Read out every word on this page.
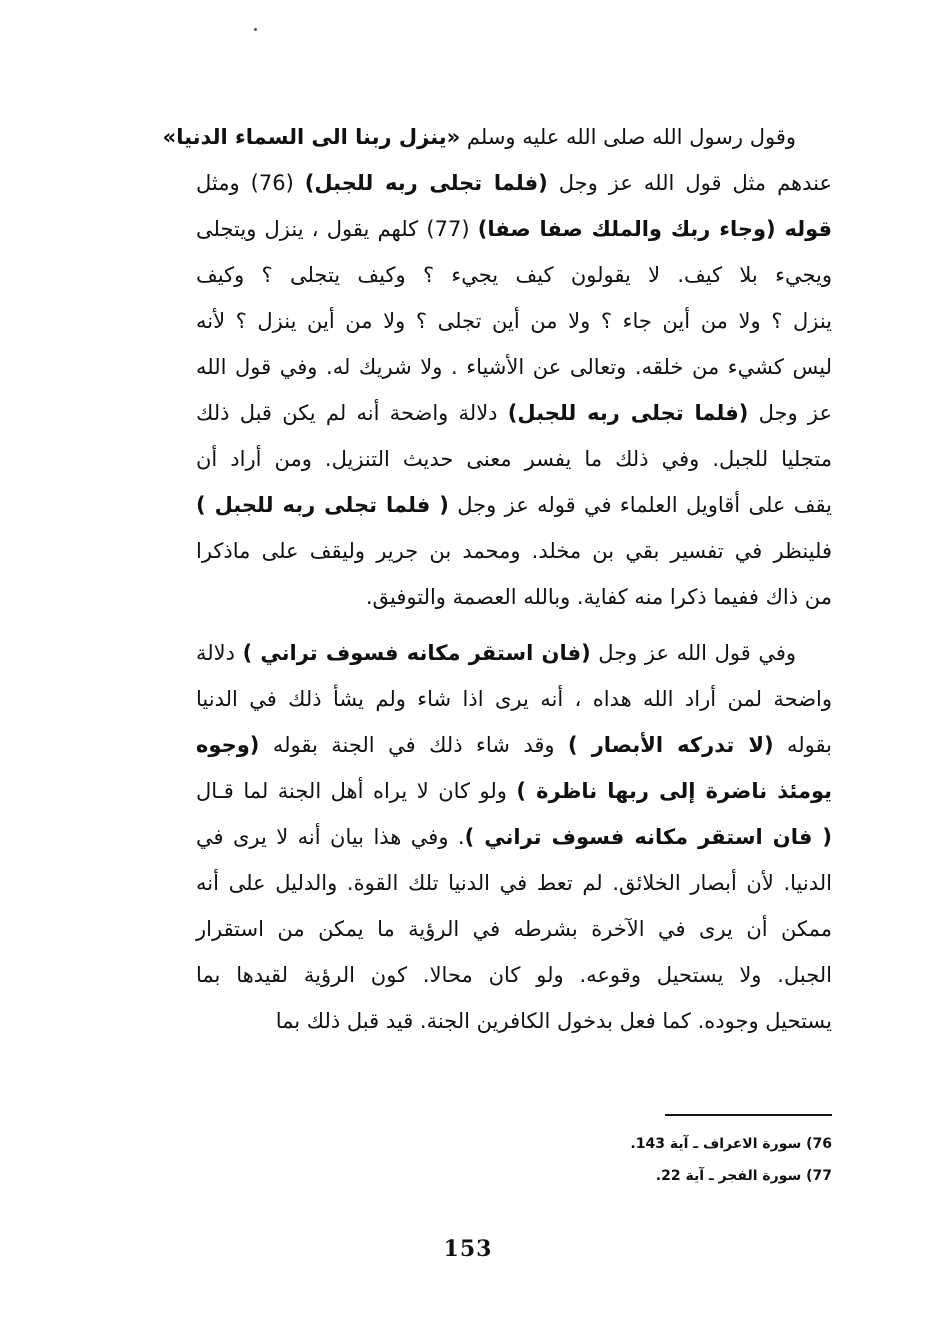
وقول رسول الله صلى الله عليه وسلم «ينزل ربنا الى السماء الدنيا»
عندهم مثل قول الله عز وجل (فلما تجلى ربه للجبل) (76) ومثل
قوله (وجاء ربك والملك صفا صفا) (77) كلهم يقول ، ينزل ويتجلى
ويجيء بلا كيف. لا يقولون كيف يجيء ؟ وكيف يتجلى ؟ وكيف
ينزل ؟ ولا من أين جاء ؟ ولا من أين تجلى ؟ ولا من أين ينزل ؟ لأنه
ليس كشيء من خلقه. وتعالى عن الأشياء . ولا شريك له. وفي قول الله
عز وجل (فلما تجلى ربه للجبل) دلالة واضحة أنه لم يكن قبل ذلك
متجليا للجبل. وفي ذلك ما يفسر معنى حديث التنزيل. ومن أراد أن
يقف على أقاويل العلماء في قوله عز وجل ( فلما تجلى ربه للجبل )
فلينظر في تفسير بقي بن مخلد. ومحمد بن جرير وليقف على ماذكرا
من ذاك ففيما ذكرا منه كفاية. وبالله العصمة والتوفيق.
وفي قول الله عز وجل (فان استقر مكانه فسوف تراني ) دلالة
واضحة لمن أراد الله هداه ، أنه يرى اذا شاء ولم يشأ ذلك في الدنيا
بقوله (لا تدركه الأبصار ) وقد شاء ذلك في الجنة بقوله (وجوه
يومئذ ناضرة إلى ربها ناظرة ) ولو كان لا يراه أهل الجنة لما قـال
( فان استقر مكانه فسوف تراني ). وفي هذا بيان أنه لا يرى في
الدنيا. لأن أبصار الخلائق. لم تعط في الدنيا تلك القوة. والدليل على أنه
ممكن أن يرى في الآخرة بشرطه في الرؤية ما يمكن من استقرار
الجبل. ولا يستحيل وقوعه. ولو كان محالا. كون الرؤية لقيدها بما
يستحيل وجوده. كما فعل بدخول الكافرين الجنة. قيد قبل ذلك بما
76) سورة الاعراف ـ آية 143.
77) سورة الفجر ـ آية 22.
153
